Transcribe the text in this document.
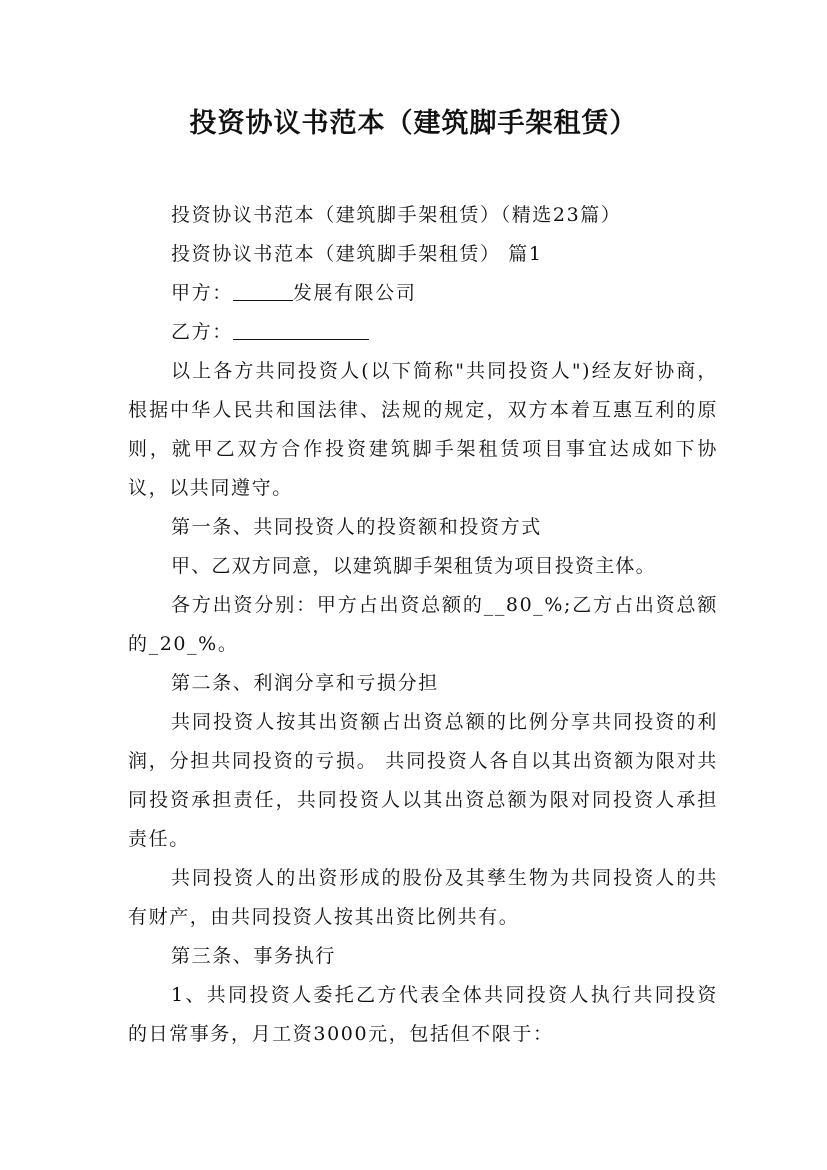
投资协议书范本（建筑脚手架租赁）

投资协议书范本（建筑脚手架租赁）（精选23篇）

投资协议书范本（建筑脚手架租赁） 篇1

甲方：	发展有限公司

乙方：

以上各方共同投资人(以下简称"共同投资人")经友好协商，根据中华人民共和国法律、法规的规定，双方本着互惠互利的原则，就甲乙双方合作投资建筑脚手架租赁项目事宜达成如下协议，以共同遵守。

第一条、共同投资人的投资额和投资方式

甲、乙双方同意，以建筑脚手架租赁为项目投资主体。

各方出资分别：甲方占出资总额的__80_%;乙方占出资总额的_20_%。

第二条、利润分享和亏损分担

共同投资人按其出资额占出资总额的比例分享共同投资的利润，分担共同投资的亏损。 共同投资人各自以其出资额为限对共同投资承担责任，共同投资人以其出资总额为限对同投资人承担责任。

共同投资人的出资形成的股份及其孳生物为共同投资人的共有财产，由共同投资人按其出资比例共有。

第三条、事务执行

1、共同投资人委托乙方代表全体共同投资人执行共同投资的日常事务，月工资3000元，包括但不限于：
